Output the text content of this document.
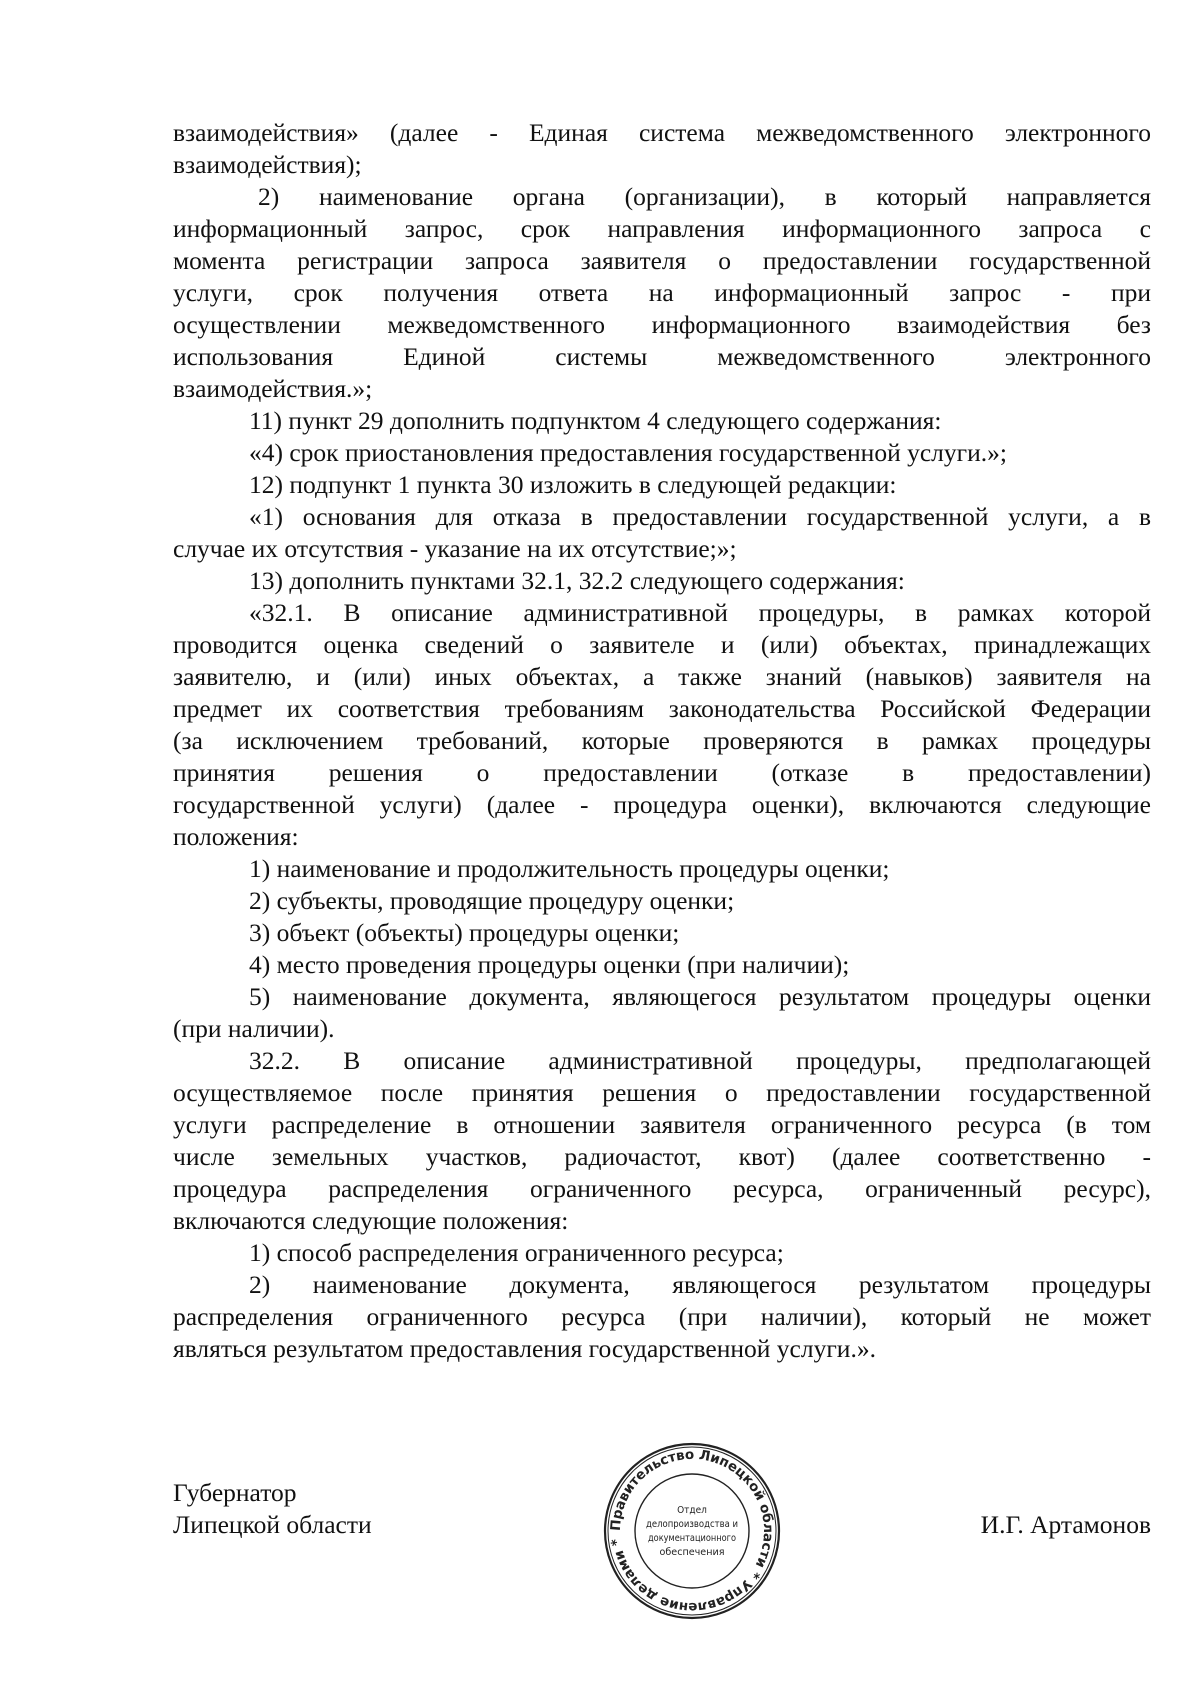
взаимодействия» (далее - Единая система межведомственного электронного
взаимодействия);
2) наименование органа (организации), в который направляется
информационный запрос, срок направления информационного запроса с
момента регистрации запроса заявителя о предоставлении государственной
услуги, срок получения ответа на информационный запрос - при
осуществлении межведомственного информационного взаимодействия без
использования Единой системы межведомственного электронного
взаимодействия.»;
11) пункт 29 дополнить подпунктом 4 следующего содержания:
«4) срок приостановления предоставления государственной услуги.»;
12) подпункт 1 пункта 30 изложить в следующей редакции:
«1) основания для отказа в предоставлении государственной услуги, а в
случае их отсутствия - указание на их отсутствие;»;
13) дополнить пунктами 32.1, 32.2 следующего содержания:
«32.1. В описание административной процедуры, в рамках которой
проводится оценка сведений о заявителе и (или) объектах, принадлежащих
заявителю, и (или) иных объектах, а также знаний (навыков) заявителя на
предмет их соответствия требованиям законодательства Российской Федерации
(за исключением требований, которые проверяются в рамках процедуры
принятия решения о предоставлении (отказе в предоставлении)
государственной услуги) (далее - процедура оценки), включаются следующие
положения:
1) наименование и продолжительность процедуры оценки;
2) субъекты, проводящие процедуру оценки;
3) объект (объекты) процедуры оценки;
4) место проведения процедуры оценки (при наличии);
5) наименование документа, являющегося результатом процедуры оценки
(при наличии).
32.2. В описание административной процедуры, предполагающей
осуществляемое после принятия решения о предоставлении государственной
услуги распределение в отношении заявителя ограниченного ресурса (в том
числе земельных участков, радиочастот, квот) (далее соответственно -
процедура распределения ограниченного ресурса, ограниченный ресурс),
включаются следующие положения:
1) способ распределения ограниченного ресурса;
2) наименование документа, являющегося результатом процедуры
распределения ограниченного ресурса (при наличии), который не может
являться результатом предоставления государственной услуги.».
Губернатор
Липецкой области	И.Г. Артамонов
Правительство Липецкой области * Управление делами *
Отдел
делопроизводства и
документационного
обеспечения
